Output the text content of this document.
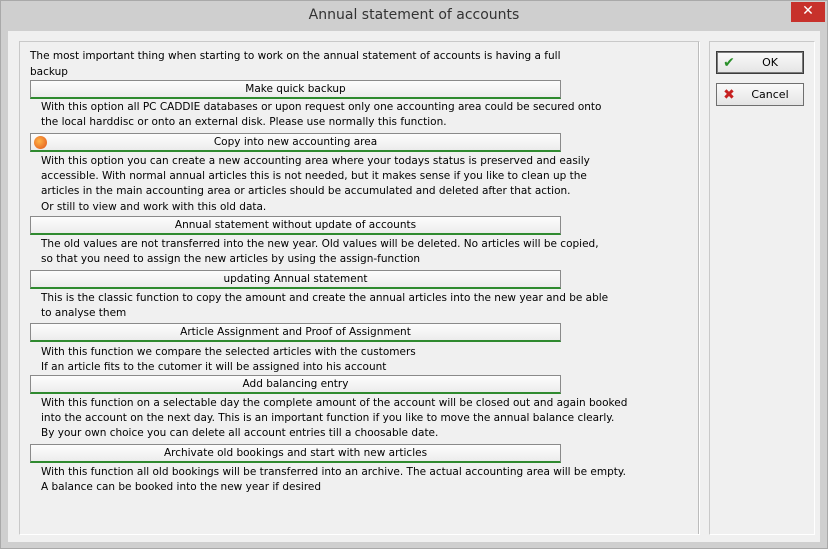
Annual statement of accounts	✕
The most important thing when starting to work on the annual statement of accounts is having a full backup
Make quick backup
With this option all PC CADDIE databases or upon request only one accounting area could be secured onto
the local harddisc or onto an external disk. Please use normally this function.
Copy into new accounting area
With this option you can create a new accounting area where your todays status is preserved and easily
accessible. With normal annual articles this is not needed, but it makes sense if you like to clean up the
articles in the main accounting area or articles should be accumulated and deleted after that action.
Or still to view and work with this old data.
Annual statement without update of accounts
The old values are not transferred into the new year. Old values will be deleted. No articles will be copied,
so that you need to assign the new articles by using the assign-function
updating Annual statement
This is the classic function to copy the amount and create the annual articles into the new year and be able
to analyse them
Article Assignment and Proof of Assignment
With this function we compare the selected articles with the customers
If an article fits to the cutomer it will be assigned into his account
Add balancing entry
With this function on a selectable day the complete amount of the account will be closed out and again booked
into the account on the next day. This is an important function if you like to move the annual balance clearly.
By your own choice you can delete all account entries till a choosable date.
Archivate old bookings and start with new articles
With this function all old bookings will be transferred into an archive. The actual accounting area will be empty.
A balance can be booked into the new year if desired
✔	OK
✖	Cancel
